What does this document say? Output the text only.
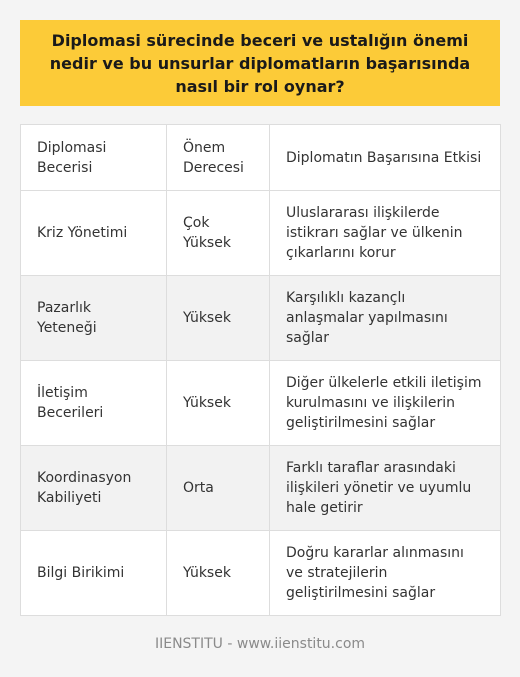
Diplomasi sürecinde beceri ve ustalığın önemi nedir ve bu unsurlar diplomatların başarısında nasıl bir rol oynar?
Diplomasi Becerisi	Önem Derecesi	Diplomatın Başarısına Etkisi
Kriz Yönetimi	Çok Yüksek	Uluslararası ilişkilerde istikrarı sağlar ve ülkenin çıkarlarını korur
Pazarlık Yeteneği	Yüksek	Karşılıklı kazançlı anlaşmalar yapılmasını sağlar
İletişim Becerileri	Yüksek	Diğer ülkelerle etkili iletişim kurulmasını ve ilişkilerin geliştirilmesini sağlar
Koordinasyon Kabiliyeti	Orta	Farklı taraflar arasındaki ilişkileri yönetir ve uyumlu hale getirir
Bilgi Birikimi	Yüksek	Doğru kararlar alınmasını ve stratejilerin geliştirilmesini sağlar
IIENSTITU - www.iienstitu.com
